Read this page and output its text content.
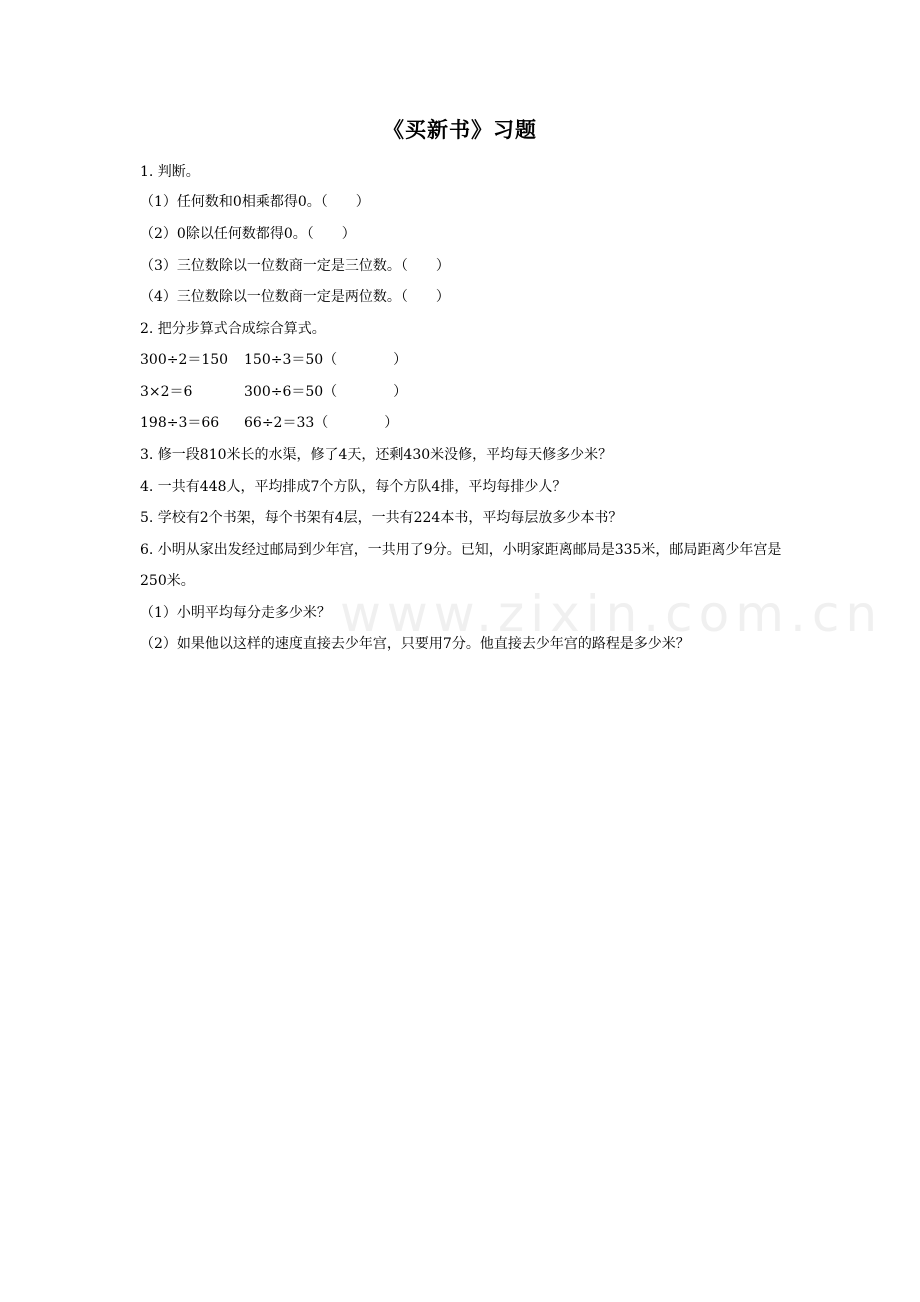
www.zixin.com.cn
《买新书》习题
1. 判断。
（1）任何数和0相乘都得0。（　　）
（2）0除以任何数都得0。（　　）
（3）三位数除以一位数商一定是三位数。（　　）
（4）三位数除以一位数商一定是两位数。（　　）
2. 把分步算式合成综合算式。
300÷2＝150 150÷3＝50（　　　　）
3×2＝6	300÷6＝50（　　　　）
198÷3＝66 66÷2＝33（　　　　）
3. 修一段810米长的水渠，修了4天，还剩430米没修，平均每天修多少米？
4. 一共有448人，平均排成7个方队，每个方队4排，平均每排少人？
5. 学校有2个书架，每个书架有4层，一共有224本书，平均每层放多少本书？
6. 小明从家出发经过邮局到少年宫，一共用了9分。已知，小明家距离邮局是335米，邮局距离少年宫是250米。
（1）小明平均每分走多少米？
（2）如果他以这样的速度直接去少年宫，只要用7分。他直接去少年宫的路程是多少米？
